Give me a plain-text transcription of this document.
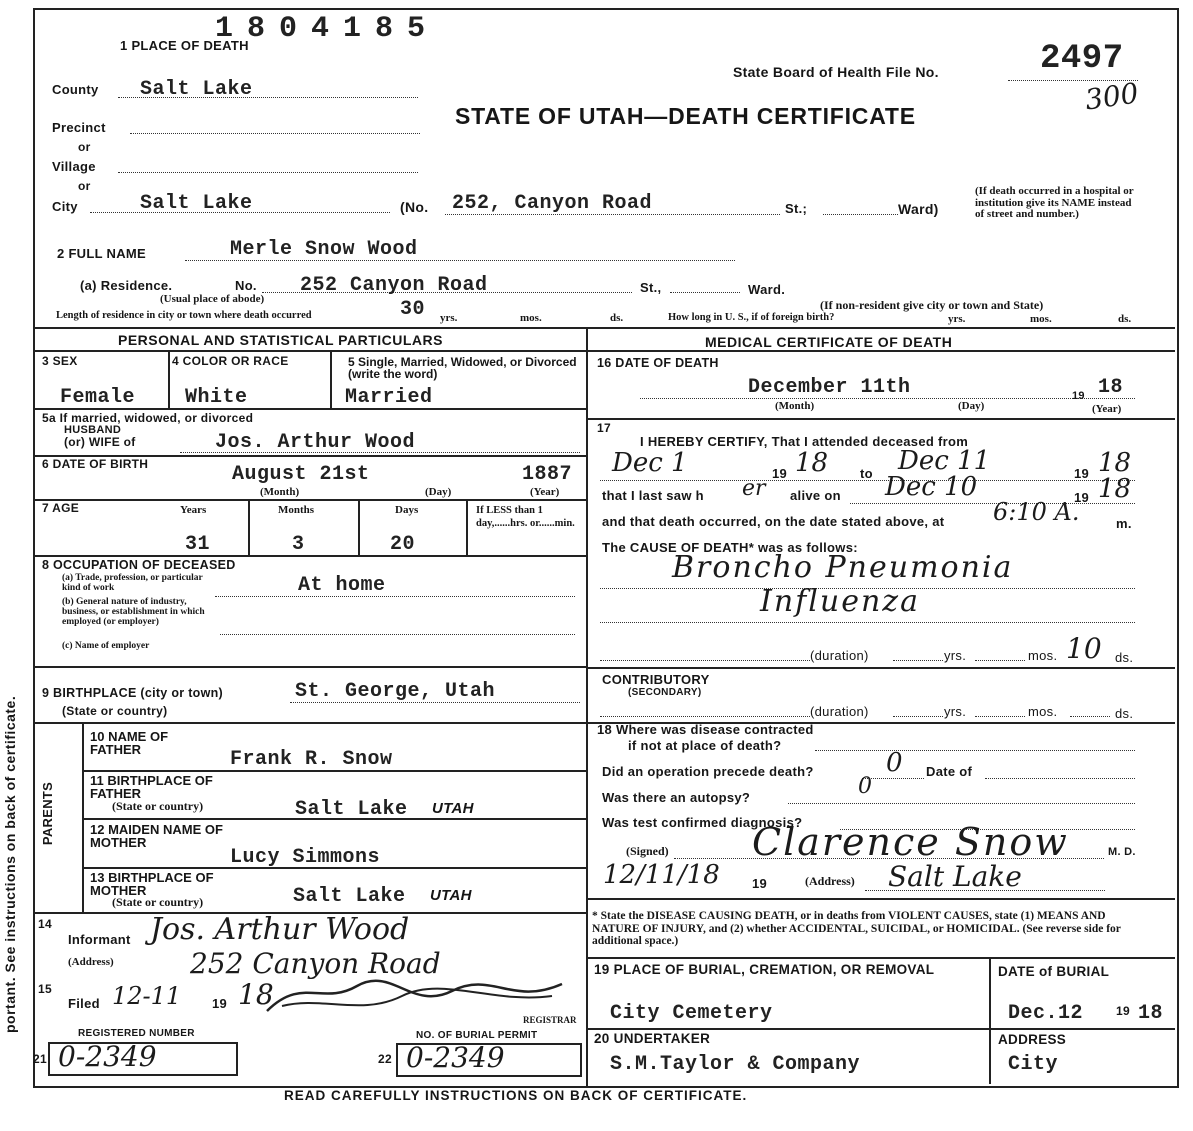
portant. See instructions on back of certificate.
1804185
1 PLACE OF DEATH
State Board of Health File No.	2497
300
STATE OF UTAH—DEATH CERTIFICATE
County Salt Lake
Precinct
or
Village
or
City	Salt Lake	(No. 252, Canyon Road	St.;	Ward)
(If death occurred in a hospital or institution give its NAME instead of street and number.)
2 FULL NAME	Merle Snow Wood
(a) Residence.	No. 252 Canyon Road	St.,	Ward.
(Usual place of abode)	(If non-resident give city or town and State)
Length of residence in city or town where death occurred	30 yrs.	mos.	ds.	How long in U. S., if of foreign birth?	yrs.	mos.	ds.
PERSONAL AND STATISTICAL PARTICULARS	MEDICAL CERTIFICATE OF DEATH
3 SEX
Female
4 COLOR OR RACE
White
5 Single, Married, Widowed, or Divorced (write the word)
Married
5a If married, widowed, or divorced
HUSBAND
(or) WIFE of	Jos. Arthur Wood
6 DATE OF BIRTH	August 21st	1887
(Month)	(Day)	(Year)
7 AGE	Years	Months	Days
31	3	20
If LESS than 1 day,......hrs. or......min.
8 OCCUPATION OF DECEASED
(a) Trade, profession, or particular kind of work
(b) General nature of industry, business, or establishment in which employed (or employer)
(c) Name of employer
At home
9 BIRTHPLACE (city or town)
(State or country)
St. George, Utah
PARENTS
10 NAME OF FATHER	Frank R. Snow
11 BIRTHPLACE OF FATHER
(State or country)	Salt Lake UTAH
12 MAIDEN NAME OF MOTHER
Lucy Simmons
13 BIRTHPLACE OF MOTHER
(State or country)	Salt Lake UTAH
14
Informant Jos. Arthur Wood
(Address)	252 Canyon Road
15
Filed 12-11 19 18
REGISTRAR
REGISTERED NUMBER	NO. OF BURIAL PERMIT
21 0-2349	22 0-2349
16 DATE OF DEATH
December 11th	19 18
(Month)	(Day)	(Year)
17
I HEREBY CERTIFY, That I attended deceased from
Dec 1	19 18 to Dec 11	19 18
that I last saw h er alive on Dec 10	19 18
and that death occurred, on the date stated above, at 6:10 A.	m.
The CAUSE OF DEATH* was as follows:
Broncho Pneumonia
Influenza
(duration)	yrs.	mos. 10 ds.
CONTRIBUTORY
(SECONDARY)
(duration)	yrs.	mos.	ds.
18 Where was disease contracted
if not at place of death?
Did an operation precede death?	0 Date of
Was there an autopsy?	0
Was test confirmed diagnosis?
(Signed) Clarence Snow	M. D.
12/11/18 19	(Address) Salt Lake
* State the DISEASE CAUSING DEATH, or in deaths from VIOLENT CAUSES, state (1) MEANS AND NATURE OF INJURY, and (2) whether ACCIDENTAL, SUICIDAL, or HOMICIDAL. (See reverse side for additional space.)
19 PLACE OF BURIAL, CREMATION, OR REMOVAL
City Cemetery
DATE of BURIAL
Dec.12	19 18
20 UNDERTAKER
S.M.Taylor & Company
ADDRESS
City
READ CAREFULLY INSTRUCTIONS ON BACK OF CERTIFICATE.
